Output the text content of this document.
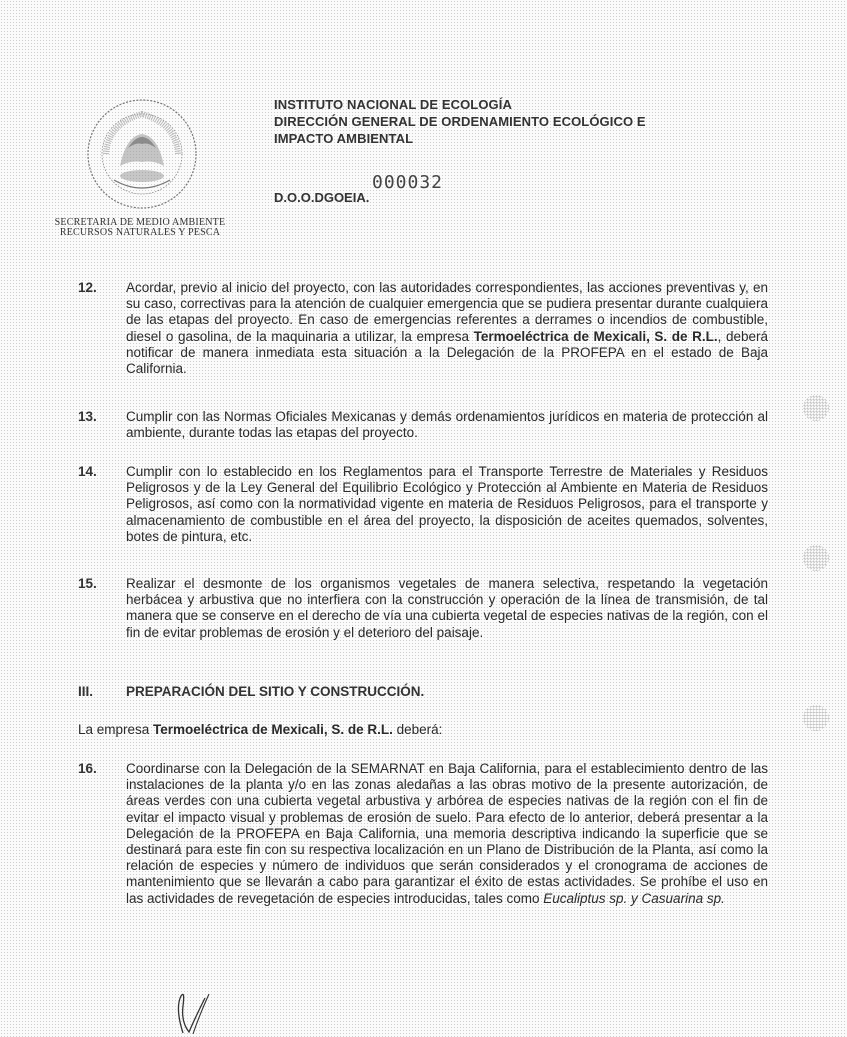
SECRETARIA DE MEDIO AMBIENTE
RECURSOS NATURALES Y PESCA
INSTITUTO NACIONAL DE ECOLOGÍA
DIRECCIÓN GENERAL DE ORDENAMIENTO ECOLÓGICO E
IMPACTO AMBIENTAL
000032
D.O.O.DGOEIA.
12. Acordar, previo al inicio del proyecto, con las autoridades correspondientes, las acciones preventivas y, en su caso, correctivas para la atención de cualquier emergencia que se pudiera presentar durante cualquiera de las etapas del proyecto. En caso de emergencias referentes a derrames o incendios de combustible, diesel o gasolina, de la maquinaria a utilizar, la empresa Termoeléctrica de Mexicali, S. de R.L., deberá notificar de manera inmediata esta situación a la Delegación de la PROFEPA en el estado de Baja California.
13. Cumplir con las Normas Oficiales Mexicanas y demás ordenamientos jurídicos en materia de protección al ambiente, durante todas las etapas del proyecto.
14. Cumplir con lo establecido en los Reglamentos para el Transporte Terrestre de Materiales y Residuos Peligrosos y de la Ley General del Equilibrio Ecológico y Protección al Ambiente en Materia de Residuos Peligrosos, así como con la normatividad vigente en materia de Residuos Peligrosos, para el transporte y almacenamiento de combustible en el área del proyecto, la disposición de aceites quemados, solventes, botes de pintura, etc.
15. Realizar el desmonte de los organismos vegetales de manera selectiva, respetando la vegetación herbácea y arbustiva que no interfiera con la construcción y operación de la línea de transmisión, de tal manera que se conserve en el derecho de vía una cubierta vegetal de especies nativas de la región, con el fin de evitar problemas de erosión y el deterioro del paisaje.
III. PREPARACIÓN DEL SITIO Y CONSTRUCCIÓN.
La empresa Termoeléctrica de Mexicali, S. de R.L. deberá:
16. Coordinarse con la Delegación de la SEMARNAT en Baja California, para el establecimiento dentro de las instalaciones de la planta y/o en las zonas aledañas a las obras motivo de la presente autorización, de áreas verdes con una cubierta vegetal arbustiva y arbórea de especies nativas de la región con el fin de evitar el impacto visual y problemas de erosión de suelo. Para efecto de lo anterior, deberá presentar a la Delegación de la PROFEPA en Baja California, una memoria descriptiva indicando la superficie que se destinará para este fin con su respectiva localización en un Plano de Distribución de la Planta, así como la relación de especies y número de individuos que serán considerados y el cronograma de acciones de mantenimiento que se llevarán a cabo para garantizar el éxito de estas actividades. Se prohíbe el uso en las actividades de revegetación de especies introducidas, tales como Eucaliptus sp. y Casuarina sp.
